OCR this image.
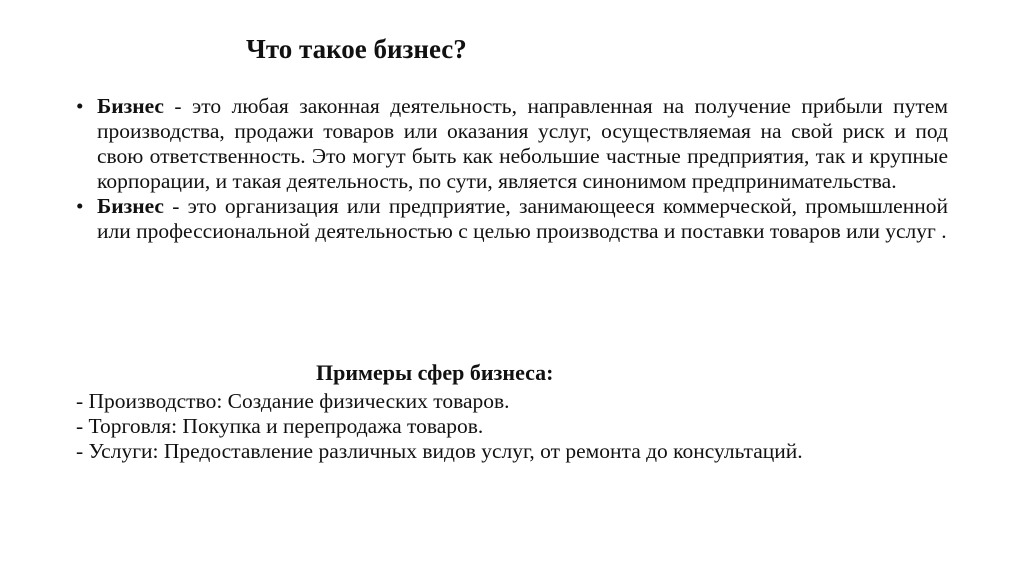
Что такое бизнес?
• Бизнес - это любая законная деятельность, направленная на получение прибыли путем производства, продажи товаров или оказания услуг, осуществляемая на свой риск и под свою ответственность. Это могут быть как небольшие частные предприятия, так и крупные корпорации, и такая деятельность, по сути, является синонимом предпринимательства.
• Бизнес - это организация или предприятие, занимающееся коммерческой, промышленной или профессиональной деятельностью с целью производства и поставки товаров или услуг .
Примеры сфер бизнеса:
- Производство: Создание физических товаров.
- Торговля: Покупка и перепродажа товаров.
- Услуги: Предоставление различных видов услуг, от ремонта до консультаций.
